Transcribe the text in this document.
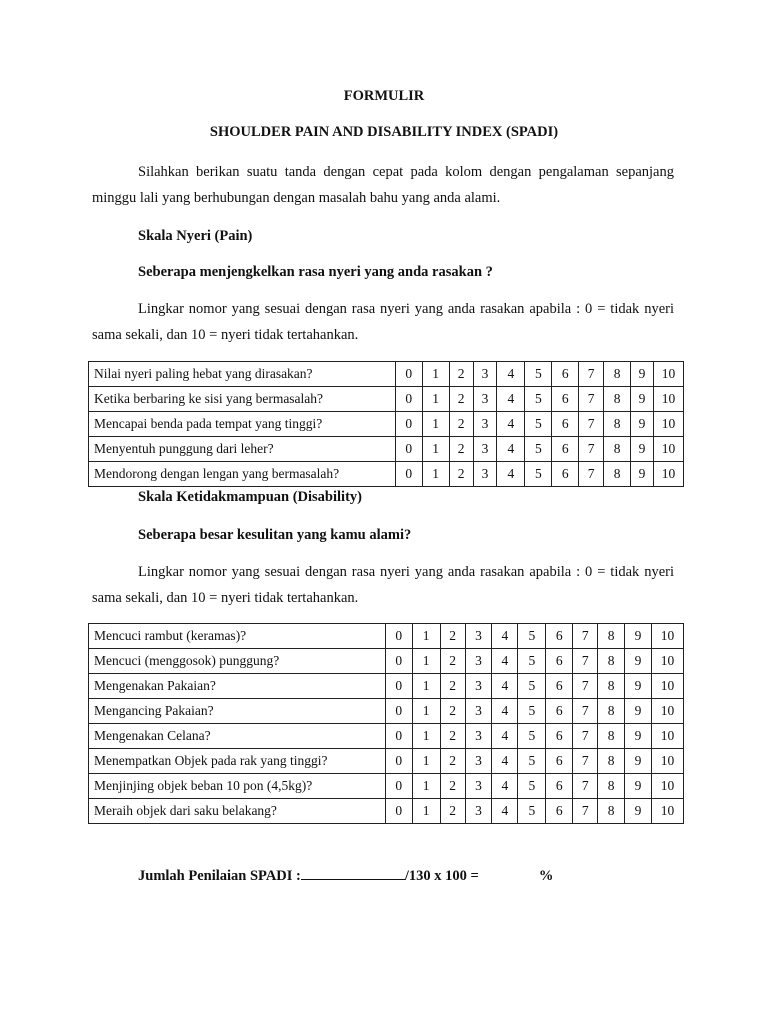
FORMULIR
SHOULDER PAIN AND DISABILITY INDEX (SPADI)
Silahkan berikan suatu tanda dengan cepat pada kolom dengan pengalaman sepanjang minggu lali yang berhubungan dengan masalah bahu yang anda alami.
Skala Nyeri (Pain)
Seberapa menjengkelkan rasa nyeri yang anda rasakan ?
Lingkar nomor yang sesuai dengan rasa nyeri yang anda rasakan apabila : 0 = tidak nyeri sama sekali, dan 10 = nyeri tidak tertahankan.
Nilai nyeri paling hebat yang dirasakan?	0	1	2	3	4	5	6	7	8	9	10
Ketika berbaring ke sisi yang bermasalah?	0	1	2	3	4	5	6	7	8	9	10
Mencapai benda pada tempat yang tinggi?	0	1	2	3	4	5	6	7	8	9	10
Menyentuh punggung dari leher?	0	1	2	3	4	5	6	7	8	9	10
Mendorong dengan lengan yang bermasalah?	0	1	2	3	4	5	6	7	8	9	10
Skala Ketidakmampuan (Disability)
Seberapa besar kesulitan yang kamu alami?
Lingkar nomor yang sesuai dengan rasa nyeri yang anda rasakan apabila : 0 = tidak nyeri sama sekali, dan 10 = nyeri tidak tertahankan.
Mencuci rambut (keramas)?	0	1	2	3	4	5	6	7	8	9	10
Mencuci (menggosok) punggung?	0	1	2	3	4	5	6	7	8	9	10
Mengenakan Pakaian?	0	1	2	3	4	5	6	7	8	9	10
Mengancing Pakaian?	0	1	2	3	4	5	6	7	8	9	10
Mengenakan Celana?	0	1	2	3	4	5	6	7	8	9	10
Menempatkan Objek pada rak yang tinggi?	0	1	2	3	4	5	6	7	8	9	10
Menjinjing objek beban 10 pon (4,5kg)?	0	1	2	3	4	5	6	7	8	9	10
Meraih objek dari saku belakang?	0	1	2	3	4	5	6	7	8	9	10
Jumlah Penilaian SPADI :	/130 x 100 =	%
